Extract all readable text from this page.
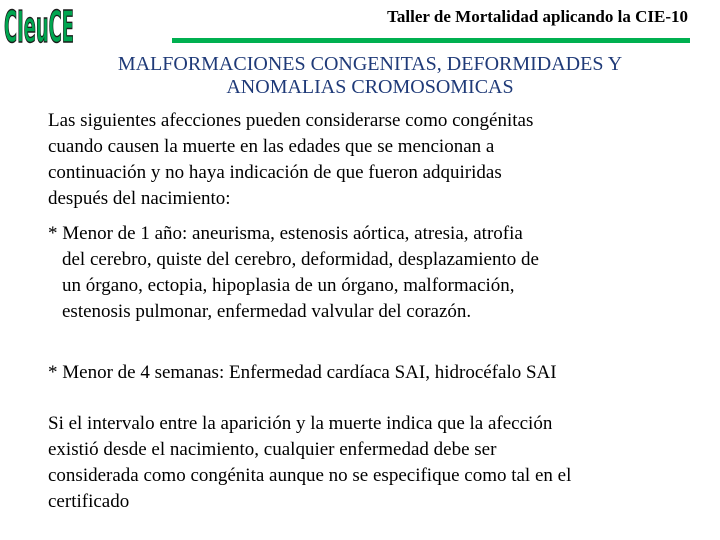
CIeuCE	Taller de Mortalidad aplicando la CIE-10
MALFORMACIONES CONGENITAS, DEFORMIDADES Y
ANOMALIAS CROMOSOMICAS
Las siguientes afecciones pueden considerarse como congénitas
cuando causen la muerte en las edades que se mencionan a
continuación y no haya indicación de que fueron adquiridas
después del nacimiento:
* Menor de 1 año: aneurisma, estenosis aórtica, atresia, atrofia
del cerebro, quiste del cerebro, deformidad, desplazamiento de
un órgano, ectopia, hipoplasia de un órgano, malformación,
estenosis pulmonar, enfermedad valvular del corazón.
* Menor de 4 semanas: Enfermedad cardíaca SAI, hidrocéfalo SAI
Si el intervalo entre la aparición y la muerte indica que la afección
existió desde el nacimiento, cualquier enfermedad debe ser
considerada como congénita aunque no se especifique como tal en el
certificado
